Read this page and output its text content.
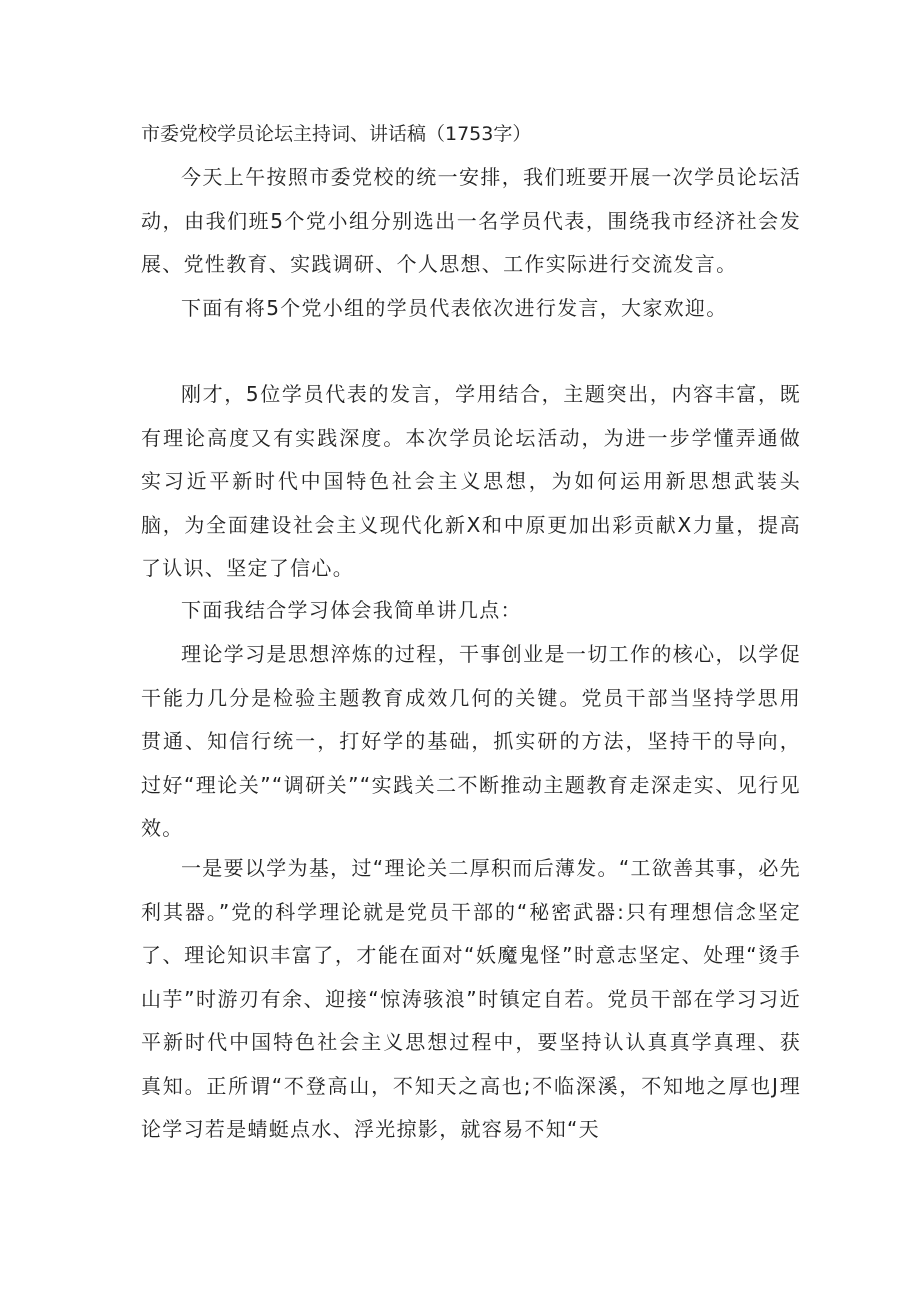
市委党校学员论坛主持词、讲话稿（1753字）

今天上午按照市委党校的统一安排，我们班要开展一次学员论坛活动，由我们班5个党小组分别选出一名学员代表，围绕我市经济社会发展、党性教育、实践调研、个人思想、工作实际进行交流发言。

下面有将5个党小组的学员代表依次进行发言，大家欢迎。

刚才，5位学员代表的发言，学用结合，主题突出，内容丰富，既有理论高度又有实践深度。本次学员论坛活动，为进一步学懂弄通做实习近平新时代中国特色社会主义思想，为如何运用新思想武装头脑，为全面建设社会主义现代化新X和中原更加出彩贡献X力量，提高了认识、坚定了信心。

下面我结合学习体会我简单讲几点：

理论学习是思想淬炼的过程，干事创业是一切工作的核心，以学促干能力几分是检验主题教育成效几何的关键。党员干部当坚持学思用贯通、知信行统一，打好学的基础，抓实研的方法，坚持干的导向，过好“理论关”“调研关”“实践关二不断推动主题教育走深走实、见行见效。

一是要以学为基，过“理论关二厚积而后薄发。“工欲善其事，必先利其器。”党的科学理论就是党员干部的“秘密武器:只有理想信念坚定了、理论知识丰富了，才能在面对“妖魔鬼怪”时意志坚定、处理“烫手山芋”时游刃有余、迎接“惊涛骇浪”时镇定自若。党员干部在学习习近平新时代中国特色社会主义思想过程中，要坚持认认真真学真理、获真知。正所谓“不登高山，不知天之高也;不临深溪，不知地之厚也J理论学习若是蜻蜓点水、浮光掠影，就容易不知“天
